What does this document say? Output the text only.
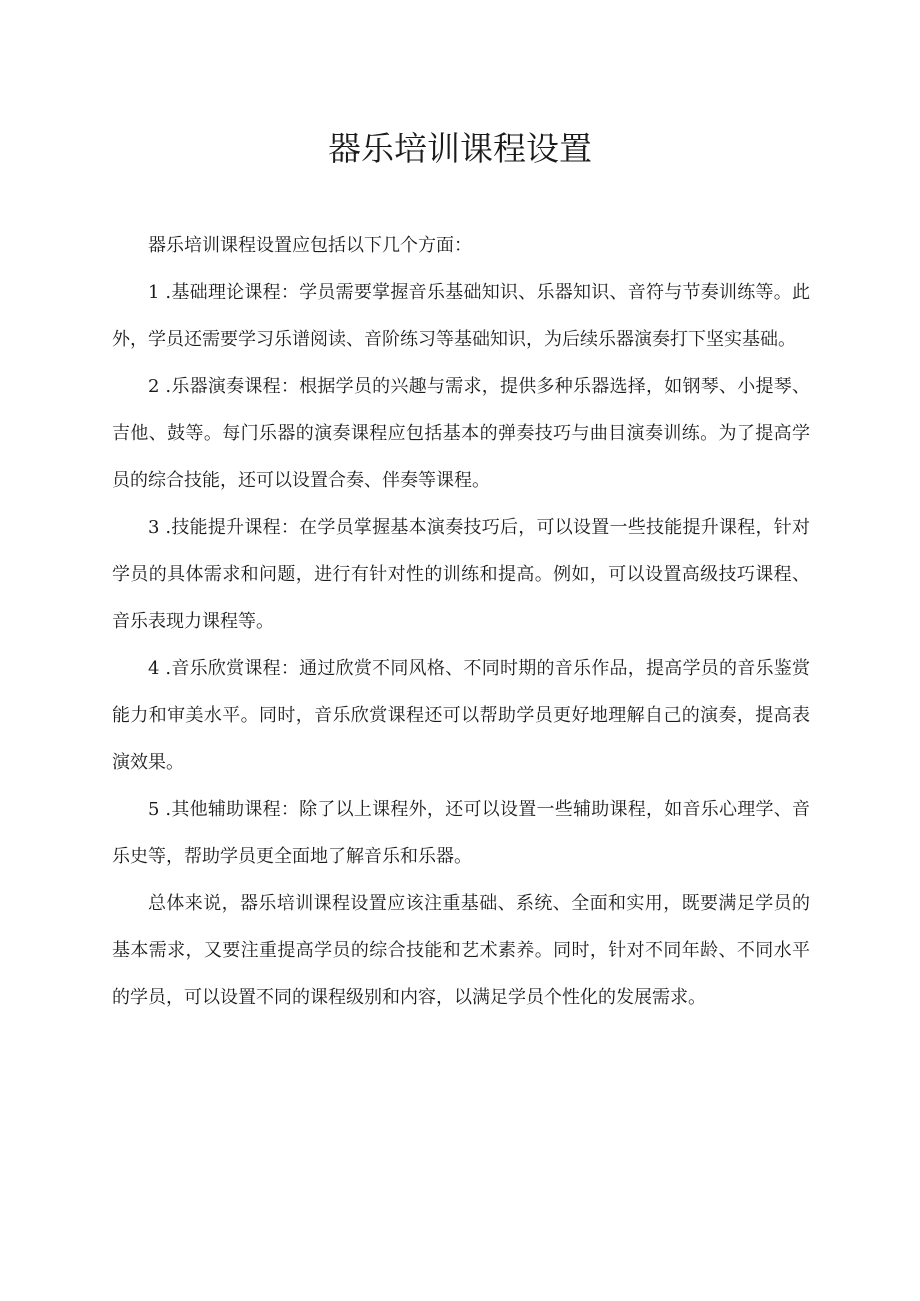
器乐培训课程设置

器乐培训课程设置应包括以下几个方面：

1 .基础理论课程：学员需要掌握音乐基础知识、乐器知识、音符与节奏训练等。此外，学员还需要学习乐谱阅读、音阶练习等基础知识，为后续乐器演奏打下坚实基础。

2 .乐器演奏课程：根据学员的兴趣与需求，提供多种乐器选择，如钢琴、小提琴、吉他、鼓等。每门乐器的演奏课程应包括基本的弹奏技巧与曲目演奏训练。为了提高学员的综合技能，还可以设置合奏、伴奏等课程。

3 .技能提升课程：在学员掌握基本演奏技巧后，可以设置一些技能提升课程，针对学员的具体需求和问题，进行有针对性的训练和提高。例如，可以设置高级技巧课程、音乐表现力课程等。

4 .音乐欣赏课程：通过欣赏不同风格、不同时期的音乐作品，提高学员的音乐鉴赏能力和审美水平。同时，音乐欣赏课程还可以帮助学员更好地理解自己的演奏，提高表演效果。

5 .其他辅助课程：除了以上课程外，还可以设置一些辅助课程，如音乐心理学、音乐史等，帮助学员更全面地了解音乐和乐器。

总体来说，器乐培训课程设置应该注重基础、系统、全面和实用，既要满足学员的基本需求，又要注重提高学员的综合技能和艺术素养。同时，针对不同年龄、不同水平的学员，可以设置不同的课程级别和内容，以满足学员个性化的发展需求。
